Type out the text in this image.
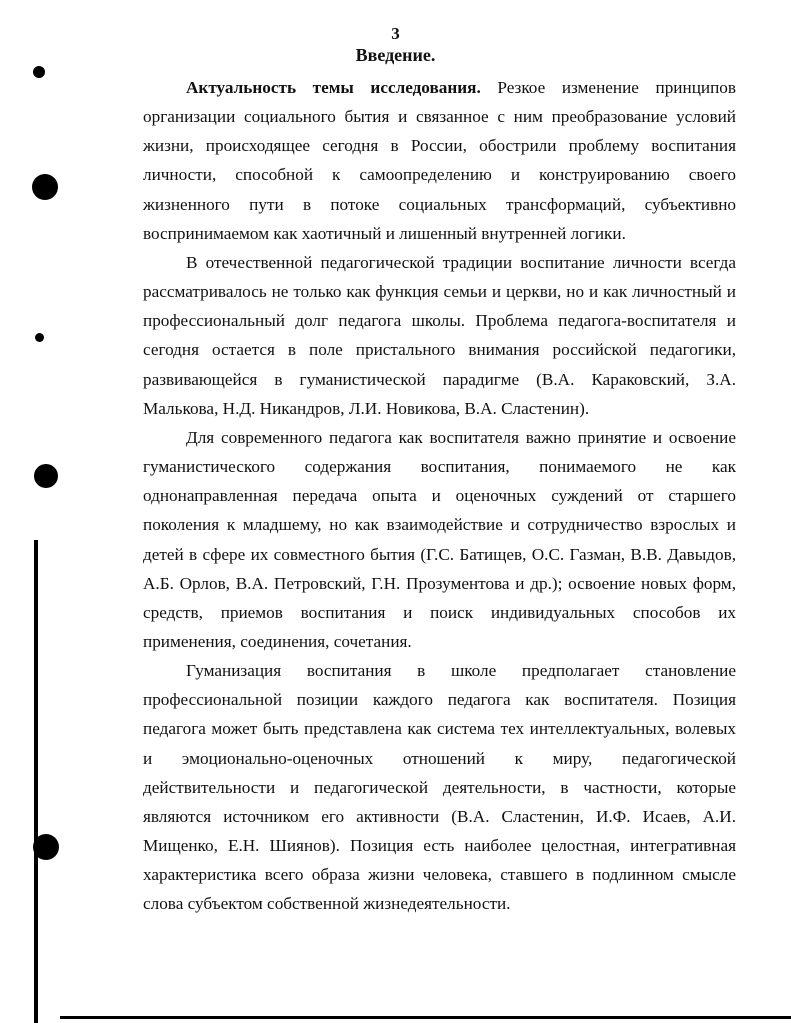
3
Введение.

Актуальность темы исследования. Резкое изменение принципов организации социального бытия и связанное с ним преобразование условий жизни, происходящее сегодня в России, обострили проблему воспитания личности, способной к самоопределению и конструированию своего жизненного пути в потоке социальных трансформаций, субъективно воспринимаемом как хаотичный и лишенный внутренней логики.

В отечественной педагогической традиции воспитание личности всегда рассматривалось не только как функция семьи и церкви, но и как личностный и профессиональный долг педагога школы. Проблема педагога-воспитателя и сегодня остается в поле пристального внимания российской педагогики, развивающейся в гуманистической парадигме (В.А. Караковский, З.А. Малькова, Н.Д. Никандров, Л.И. Новикова, В.А. Сластенин).

Для современного педагога как воспитателя важно принятие и освоение гуманистического содержания воспитания, понимаемого не как однонаправленная передача опыта и оценочных суждений от старшего поколения к младшему, но как взаимодействие и сотрудничество взрослых и детей в сфере их совместного бытия (Г.С. Батищев, О.С. Газман, В.В. Давыдов, А.Б. Орлов, В.А. Петровский, Г.Н. Прозументова и др.); освоение новых форм, средств, приемов воспитания и поиск индивидуальных способов их применения, соединения, сочетания.

Гуманизация воспитания в школе предполагает становление профессиональной позиции каждого педагога как воспитателя. Позиция педагога может быть представлена как система тех интеллектуальных, волевых и эмоционально-оценочных отношений к миру, педагогической действительности и педагогической деятельности, в частности, которые являются источником его активности (В.А. Сластенин, И.Ф. Исаев, А.И. Мищенко, Е.Н. Шиянов). Позиция есть наиболее целостная, интегративная характеристика всего образа жизни человека, ставшего в подлинном смысле слова субъектом собственной жизнедеятельности.
